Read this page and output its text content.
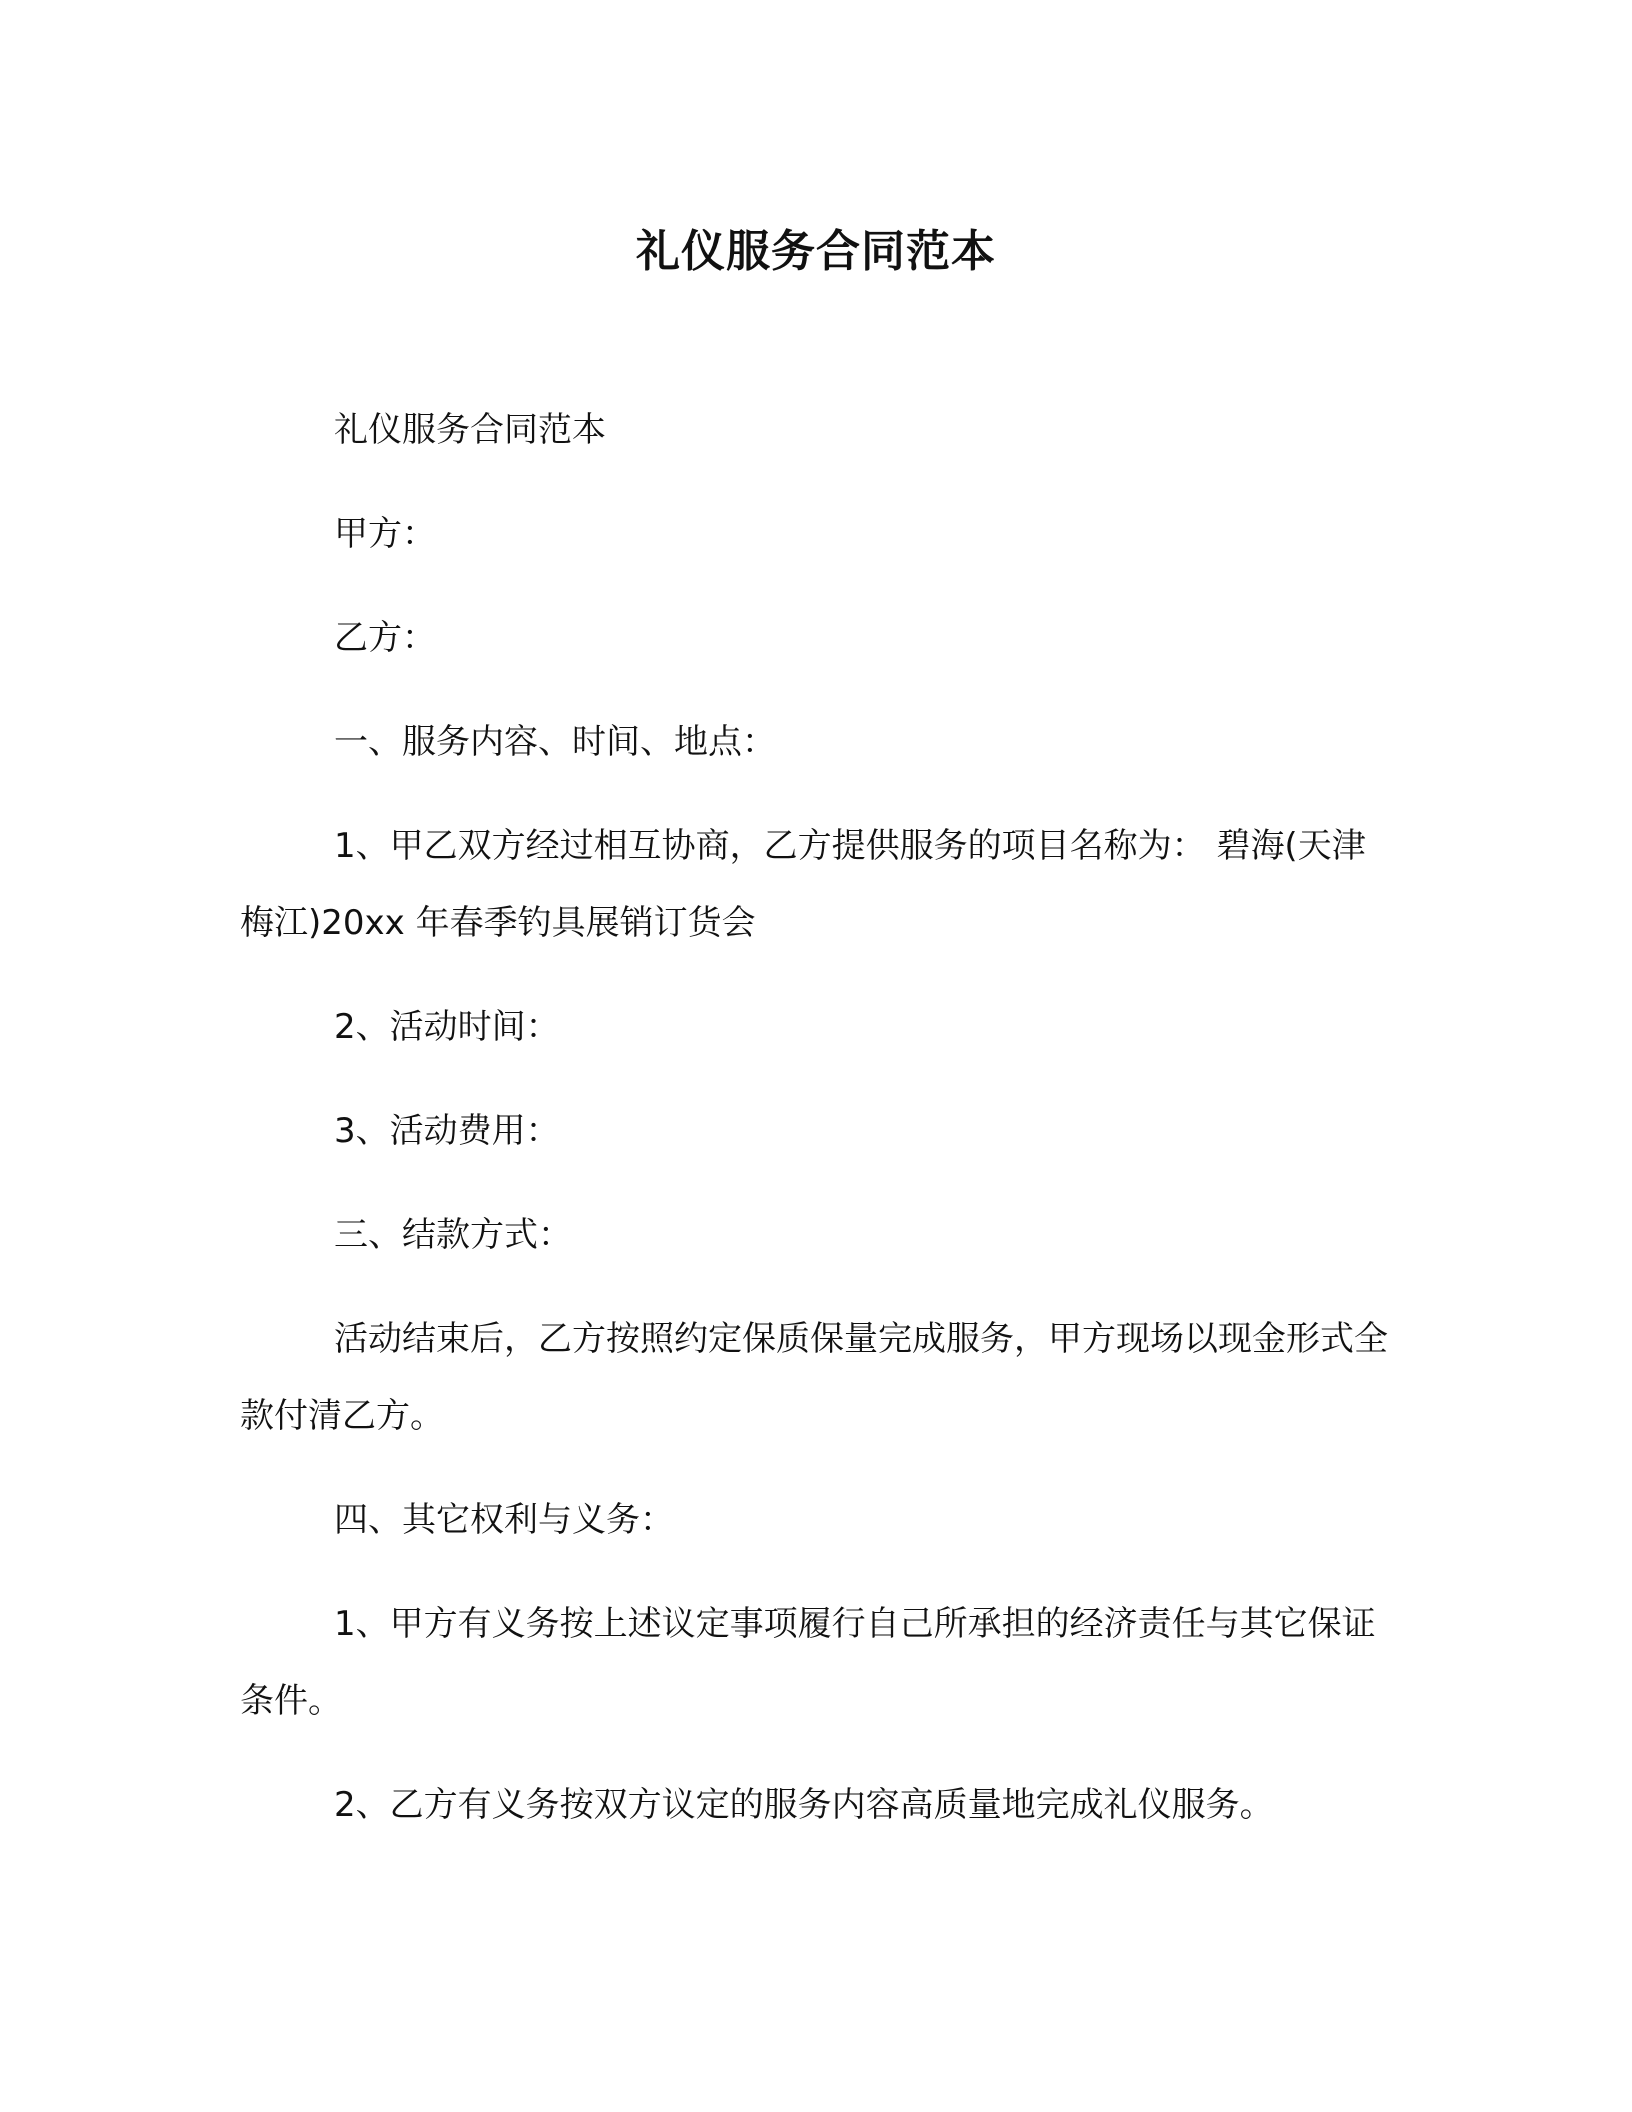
礼仪服务合同范本

礼仪服务合同范本

甲方：

乙方：

一、服务内容、时间、地点：

1、甲乙双方经过相互协商，乙方提供服务的项目名称为： 碧海(天津梅江)20xx 年春季钓具展销订货会

2、活动时间：

3、活动费用：

三、结款方式：

活动结束后，乙方按照约定保质保量完成服务，甲方现场以现金形式全款付清乙方。

四、其它权利与义务：

1、甲方有义务按上述议定事项履行自己所承担的经济责任与其它保证条件。

2、乙方有义务按双方议定的服务内容高质量地完成礼仪服务。
